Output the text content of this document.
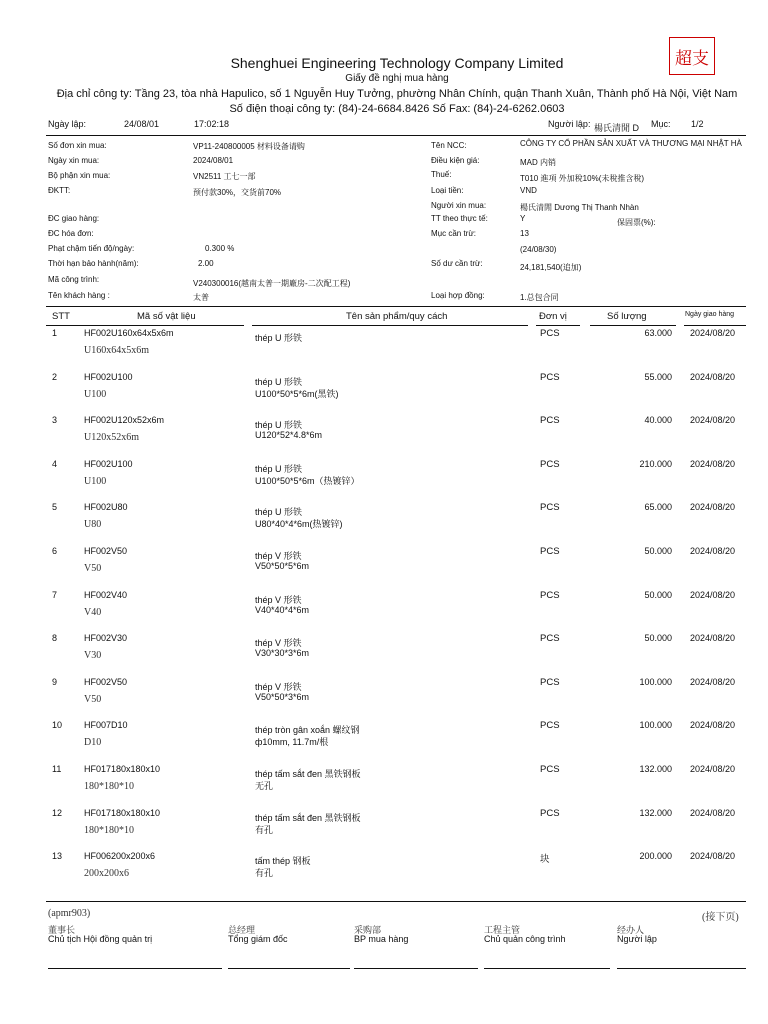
超支
Shenghuei Engineering Technology Company Limited
Giấy đề nghị mua hàng
Địa chỉ công ty: Tầng 23, tòa nhà Hapulico, số 1 Nguyễn Huy Tưởng, phường Nhân Chính, quận Thanh Xuân, Thành phố Hà Nội, Việt Nam
Số điện thoại công ty: (84)-24-6684.8426 Số Fax: (84)-24-6262.0603
Ngày lập:	24/08/01	17:02:18	Người lập: 楊氏清閒 D Mục: 1/2
Số đơn xin mua:	VP11-240800005 材料设备请购
Ngày xin mua:	2024/08/01
Bộ phận xin mua:	VN2511 工七一部
ĐKTT:	预付款30%，交货前70%
ĐC giao hàng:
ĐC hóa đơn:
Phạt chậm tiến độ/ngày:	0.300 %
Thời hạn bảo hành(năm):	2.00
Mã công trình:	V240300016(越南太普一期廠房-二次配工程)
Tên khách hàng :	太普
Tên NCC:	CÔNG TY CỔ PHẦN SẢN XUẤT VÀ THƯƠNG MẠI NHẬT HÀ
Điều kiện giá:	MAD 内销
Thuế:	T010 進項 外加稅10%(未稅推含稅)
Loại tiền:	VND
Người xin mua:	楊氏清閒 Dương Thị Thanh Nhàn
TT theo thực tế:	Y	保固票(%):
Mục cần trừ:	13
(24/08/30)
Số dư cần trừ:	24,181,540(追加)
Loại hợp đồng:	1.总包合同
STT	Mã số vật liệu	Tên sản phẩm/quy cách	Đơn vị	Số lượng	Ngày giao hàng
1	HF002U160x64x5x6m
U160x64x5x6m
thép U 形铁	PCS	63.000 2024/08/20
2	HF002U100
U100
thép U 形铁
U100*50*5*6m(黑铁)
PCS	55.000 2024/08/20
3	HF002U120x52x6m
U120x52x6m
thép U 形铁
U120*52*4.8*6m
PCS	40.000 2024/08/20
4	HF002U100
U100
thép U 形铁
U100*50*5*6m（热镀锌）
PCS	210.000 2024/08/20
5	HF002U80
U80
thép U 形铁
U80*40*4*6m(热镀锌)
PCS	65.000 2024/08/20
6	HF002V50
V50
thép V 形铁
V50*50*5*6m
PCS	50.000 2024/08/20
7	HF002V40
V40
thép V 形铁
V40*40*4*6m
PCS	50.000 2024/08/20
8	HF002V30
V30
thép V 形铁
V30*30*3*6m
PCS	50.000 2024/08/20
9	HF002V50
V50
thép V 形铁
V50*50*3*6m
PCS	100.000 2024/08/20
10 HF007D10
D10
thép tròn gân xoắn 螺纹钢
ф10mm, 11.7m/根
PCS	100.000 2024/08/20
11	HF017180x180x10
180*180*10
thép tấm sắt đen 黑铁钢板
无孔
PCS	132.000 2024/08/20
12 HF017180x180x10
180*180*10
thép tấm sắt đen 黑铁钢板
有孔
PCS	132.000 2024/08/20
13 HF006200x200x6
200x200x6
tấm thép 钢板
有孔
块	200.000 2024/08/20
(apmr903)	(接下页)
董事长
Chủ tịch Hội đồng quản trị
总经理
Tổng giám đốc
采购部
BP mua hàng
工程主管
Chủ quản công trình
经办人
Người lập
